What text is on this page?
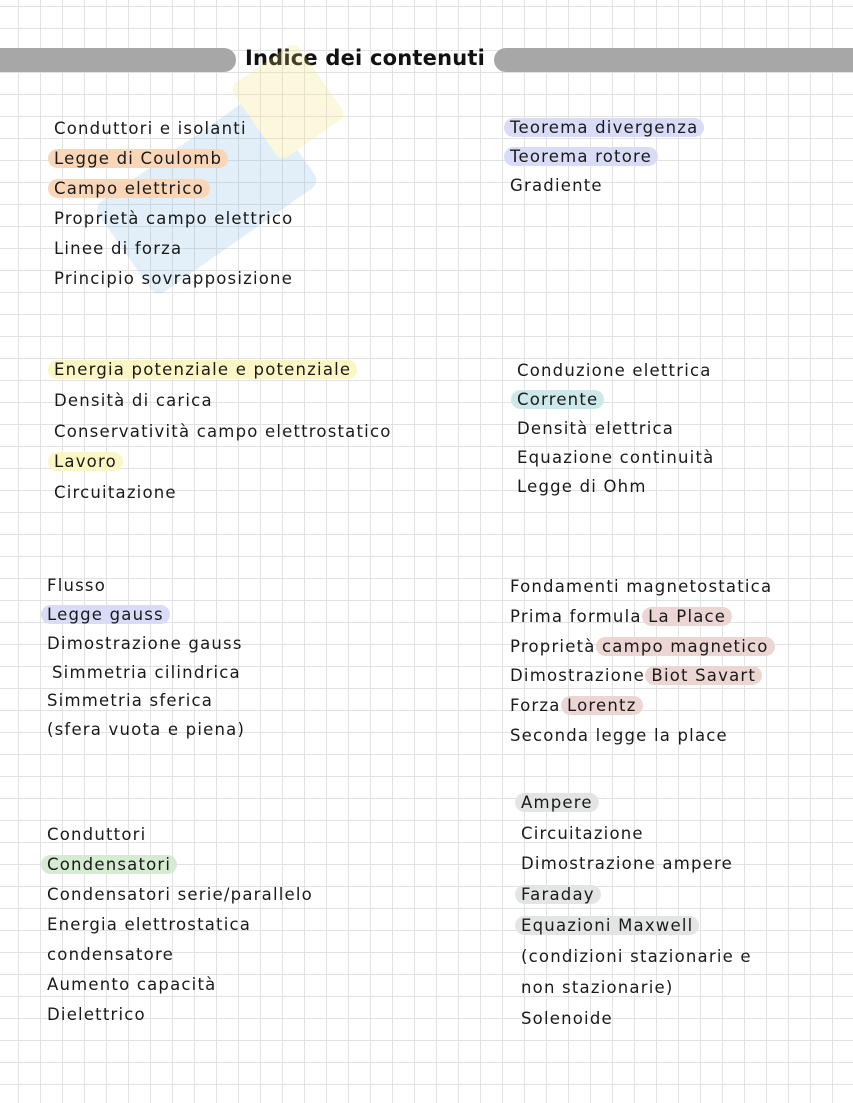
Indice dei contenuti
Conduttori e isolanti
Legge di Coulomb
Campo elettrico
Proprietà campo elettrico
Linee di forza
Principio sovrapposizione
Teorema divergenza
Teorema rotore
Gradiente
Energia potenziale e potenziale
Densità di carica
Conservatività campo elettrostatico
Lavoro
Circuitazione
Conduzione elettrica
Corrente
Densità elettrica
Equazione continuità
Legge di Ohm
Flusso
Legge gauss
Dimostrazione gauss
Simmetria cilindrica
Simmetria sferica
(sfera vuota e piena)
Fondamenti magnetostatica
Prima formula La Place
Proprietà campo magnetico
Dimostrazione Biot Savart
Forza Lorentz
Seconda legge la place
Conduttori
Condensatori
Condensatori serie/parallelo
Energia elettrostatica
condensatore
Aumento capacità
Dielettrico
Ampere
Circuitazione
Dimostrazione ampere
Faraday
Equazioni Maxwell
(condizioni stazionarie e
non stazionarie)
Solenoide
